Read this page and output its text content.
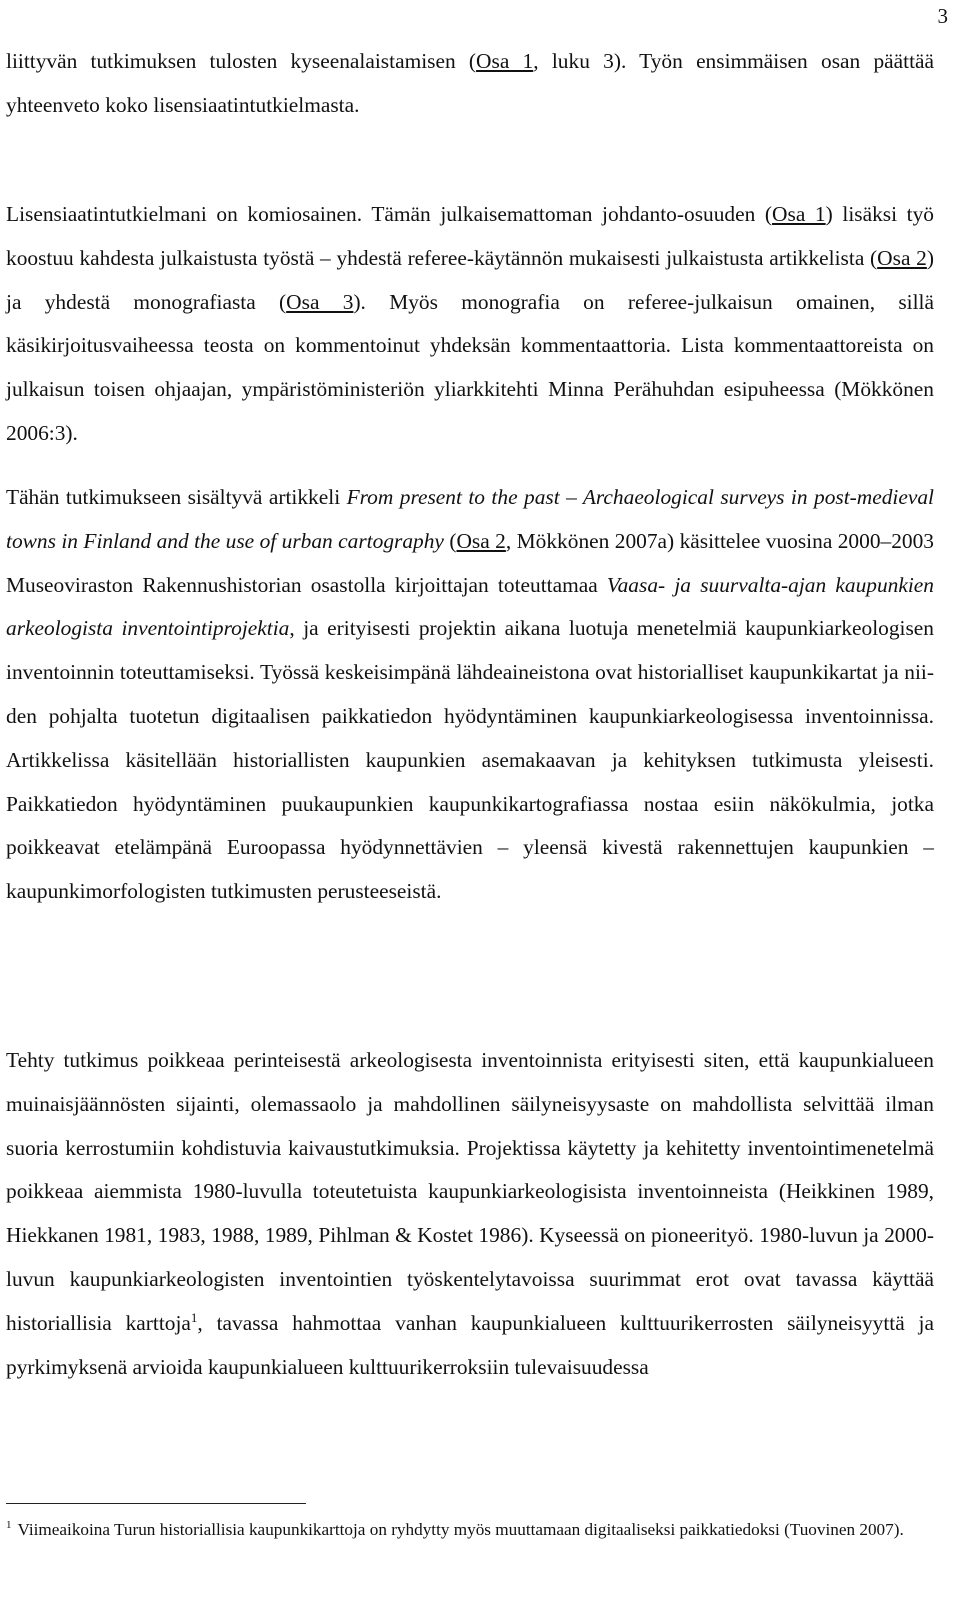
3

liittyvän tutkimuksen tulosten kyseenalaistamisen (Osa 1, luku 3). Työn ensimmäisen osan päättää yhteenveto koko lisensiaatintutkielmasta.

Lisensiaatintutkielmani on komiosainen. Tämän julkaisemattoman johdanto-osuuden (Osa 1) lisäksi työ koostuu kahdesta julkaistusta työstä – yhdestä referee-käytännön mukaisesti julkaistusta artikkelista (Osa 2) ja yhdestä monografiasta (Osa 3). Myös monografia on referee-julkaisun omainen, sillä käsikirjoitusvaiheessa teosta on kommentoinut yhdeksän kommentaattoria. Lista kommentaattoreista on julkaisun toisen ohjaajan, ympäristöministeriön yliarkkitehti Minna Perähuhdan esipuheessa (Mökkönen 2006:3).

Tähän tutkimukseen sisältyvä artikkeli From present to the past – Archaeological surveys in post-medieval towns in Finland and the use of urban cartography (Osa 2, Mökkönen 2007a) käsittelee vuosina 2000–2003 Museoviraston Rakennushistorian osastolla kirjoittajan toteuttamaa Vaasa- ja suurvalta-ajan kaupunkien arkeologista inventointiprojektia, ja erityisesti projektin aikana luotuja menetelmiä kaupunkiarkeologisen inventoinnin toteuttamiseksi. Työssä keskeisimpänä lähdeaineistona ovat historialliset kaupunkikartat ja niiden pohjalta tuotetun digitaalisen paikkatiedon hyödyntäminen kaupunkiarkeologisessa inventoinnissa. Artikkelissa käsitellään historiallisten kaupunkien asemakaavan ja kehityksen tutkimusta yleisesti. Paikkatiedon hyödyntäminen puukaupunkien kaupunkikartografiassa nostaa esiin näkökulmia, jotka poikkeavat etelämpänä Euroopassa hyödynnettävien – yleensä kivestä rakennettujen kaupunkien – kaupunkimorfologisten tutkimusten perusteeseistä.

Tehty tutkimus poikkeaa perinteisestä arkeologisesta inventoinnista erityisesti siten, että kaupunkialueen muinaisjäännösten sijainti, olemassaolo ja mahdollinen säilyneisyysaste on mahdollista selvittää ilman suoria kerrostumiin kohdistuvia kaivaustutkimuksia. Projektissa käytetty ja kehitetty inventointimenetelmä poikkeaa aiemmista 1980-luvulla toteutetuista kaupunkiarkeologisista inventoinneista (Heikkinen 1989, Hiekkanen 1981, 1983, 1988, 1989, Pihlman & Kostet 1986). Kyseessä on pioneerityö. 1980-luvun ja 2000-luvun kaupunkiarkeologisten inventointien työskentelytavoissa suurimmat erot ovat tavassa käyttää historiallisia karttoja$^1$, tavassa hahmottaa vanhan kaupunkialueen kulttuurikerrosten säilyneisyyttä ja pyrkimyksenä arvioida kaupunkialueen kulttuurikerroksiin tulevaisuudessa

$^1$ Viimeaikoina Turun historiallisia kaupunkikarttoja on ryhdytty myös muuttamaan digitaaliseksi paikkatiedoksi (Tuovinen 2007).
